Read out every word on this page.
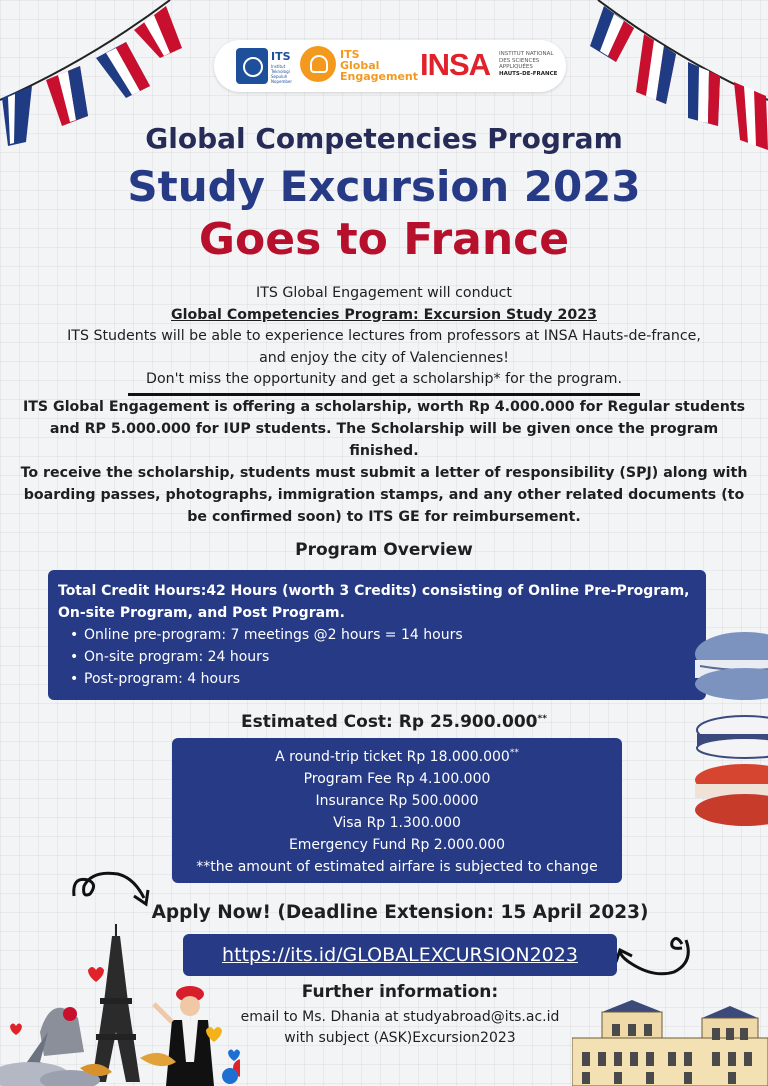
ITS
Institut Teknologi Sepuluh Nopember
ITS
Global
Engagement INSA	INSTITUT NATIONAL
DES SCIENCES
APPLIQUÉES
HAUTS-DE-FRANCE
Global Competencies Program
Study Excursion 2023
Goes to France
ITS Global Engagement will conduct
Global Competencies Program: Excursion Study 2023
ITS Students will be able to experience lectures from professors at INSA Hauts-de-france,
and enjoy the city of Valenciennes!
Don't miss the opportunity and get a scholarship* for the program.
ITS Global Engagement is offering a scholarship, worth Rp 4.000.000 for Regular students and RP 5.000.000 for IUP students. The Scholarship will be given once the program finished.
To receive the scholarship, students must submit a letter of responsibility (SPJ) along with boarding passes, photographs, immigration stamps, and any other related documents (to be confirmed soon) to ITS GE for reimbursement.
Program Overview
Total Credit Hours:42 Hours (worth 3 Credits) consisting of Online Pre-Program, On-site Program, and Post Program.
• Online pre-program: 7 meetings @2 hours = 14 hours
• On-site program: 24 hours
• Post-program: 4 hours
Estimated Cost: Rp 25.900.000**
A round-trip ticket Rp 18.000.000**
Program Fee Rp 4.100.000
Insurance Rp 500.0000
Visa Rp 1.300.000
Emergency Fund Rp 2.000.000
**the amount of estimated airfare is subjected to change
Apply Now! (Deadline Extension: 15 April 2023)
https://its.id/GLOBALEXCURSION2023
Further information:
email to Ms. Dhania at studyabroad@its.ac.id
with subject (ASK)Excursion2023
